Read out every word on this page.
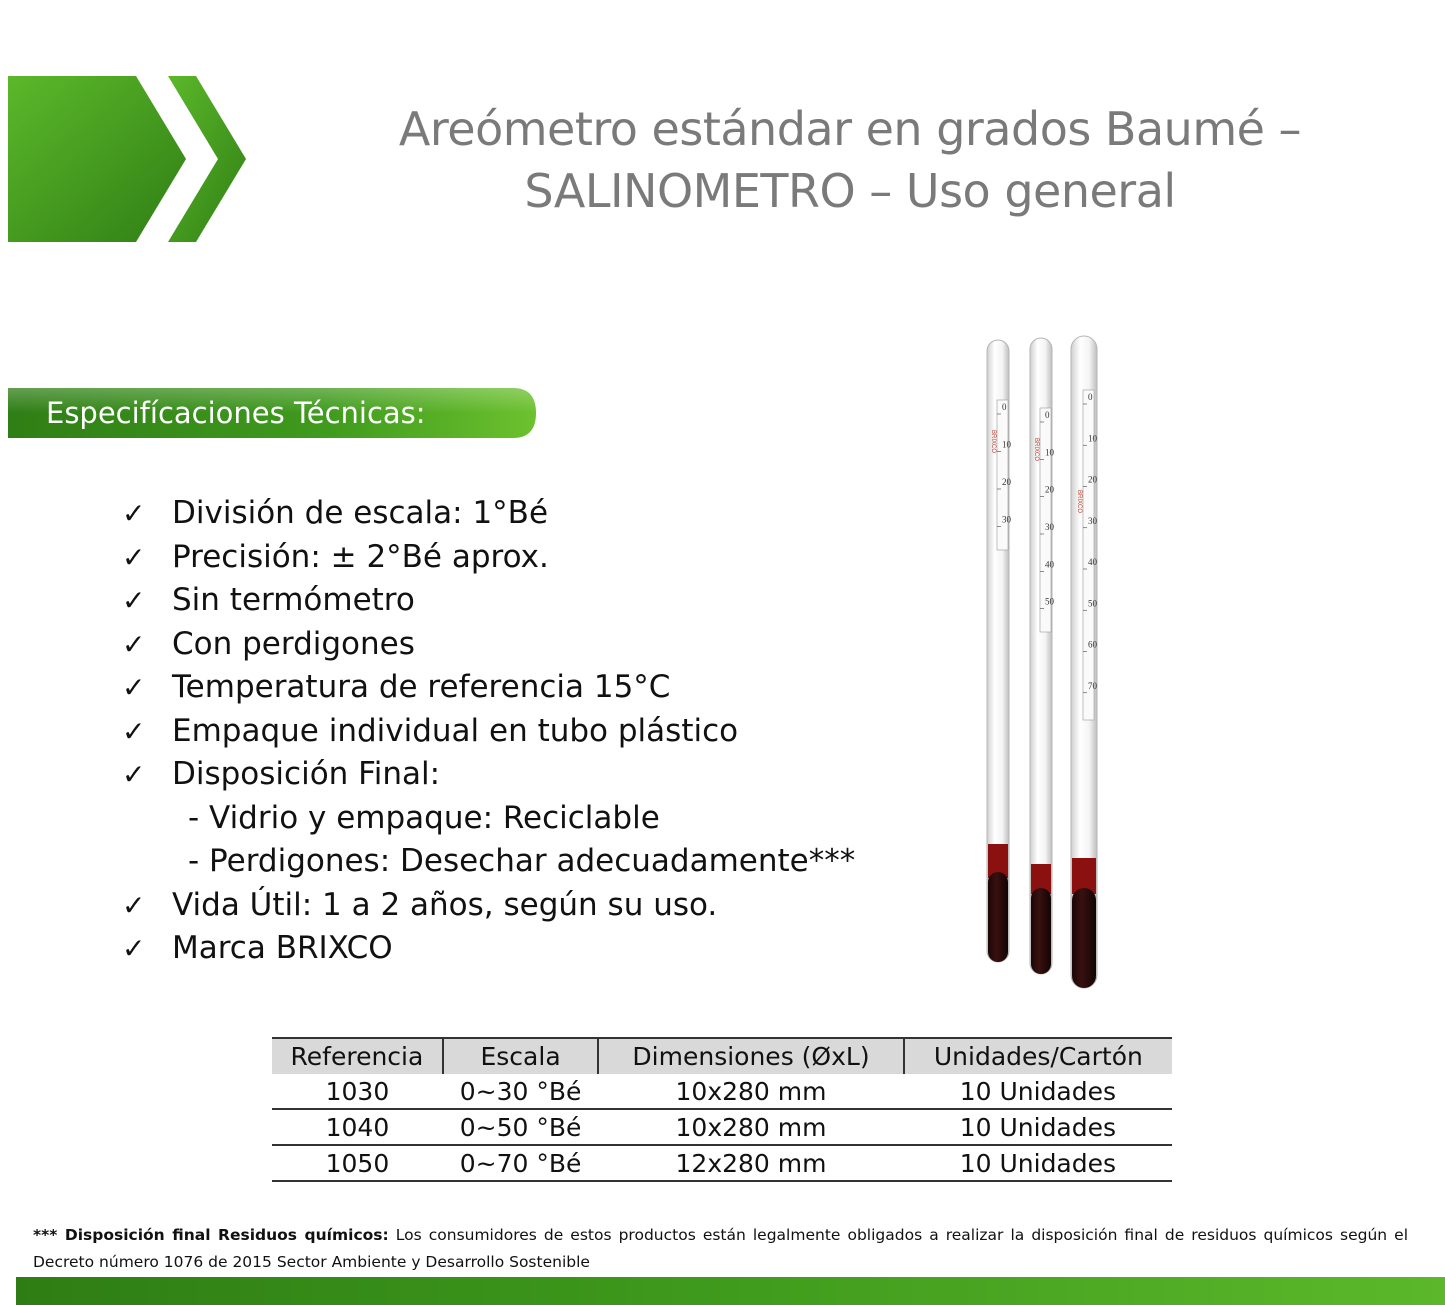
Areómetro estándar en grados Baumé –
SALINOMETRO – Uso general
Especifícaciones Técnicas:
✓ División de escala: 1°Bé
✓ Precisión: ± 2°Bé aprox.
✓ Sin termómetro
✓ Con perdigones
✓ Temperatura de referencia 15°C
✓ Empaque individual en tubo plástico
✓ Disposición Final:
- Vidrio y empaque: Reciclable
- Perdigones: Desechar adecuadamente***
✓ Vida Útil: 1 a 2 años, según su uso.
✓ Marca BRIXCO
0
10
20
30
BRIXCO
0
10
20
30
40
50
BRIXCO
0
10
20
30
40
50
60
70
BRIXCO
Referencia	Escala	Dimensiones (ØxL)	Unidades/Cartón
1030	0~30 °Bé	10x280 mm	10 Unidades
1040	0~50 °Bé	10x280 mm	10 Unidades
1050	0~70 °Bé	12x280 mm	10 Unidades
*** Disposición final Residuos químicos: Los consumidores de estos productos están legalmente obligados a realizar la disposición final de residuos químicos según el Decreto número 1076 de 2015 Sector Ambiente y Desarrollo Sostenible
